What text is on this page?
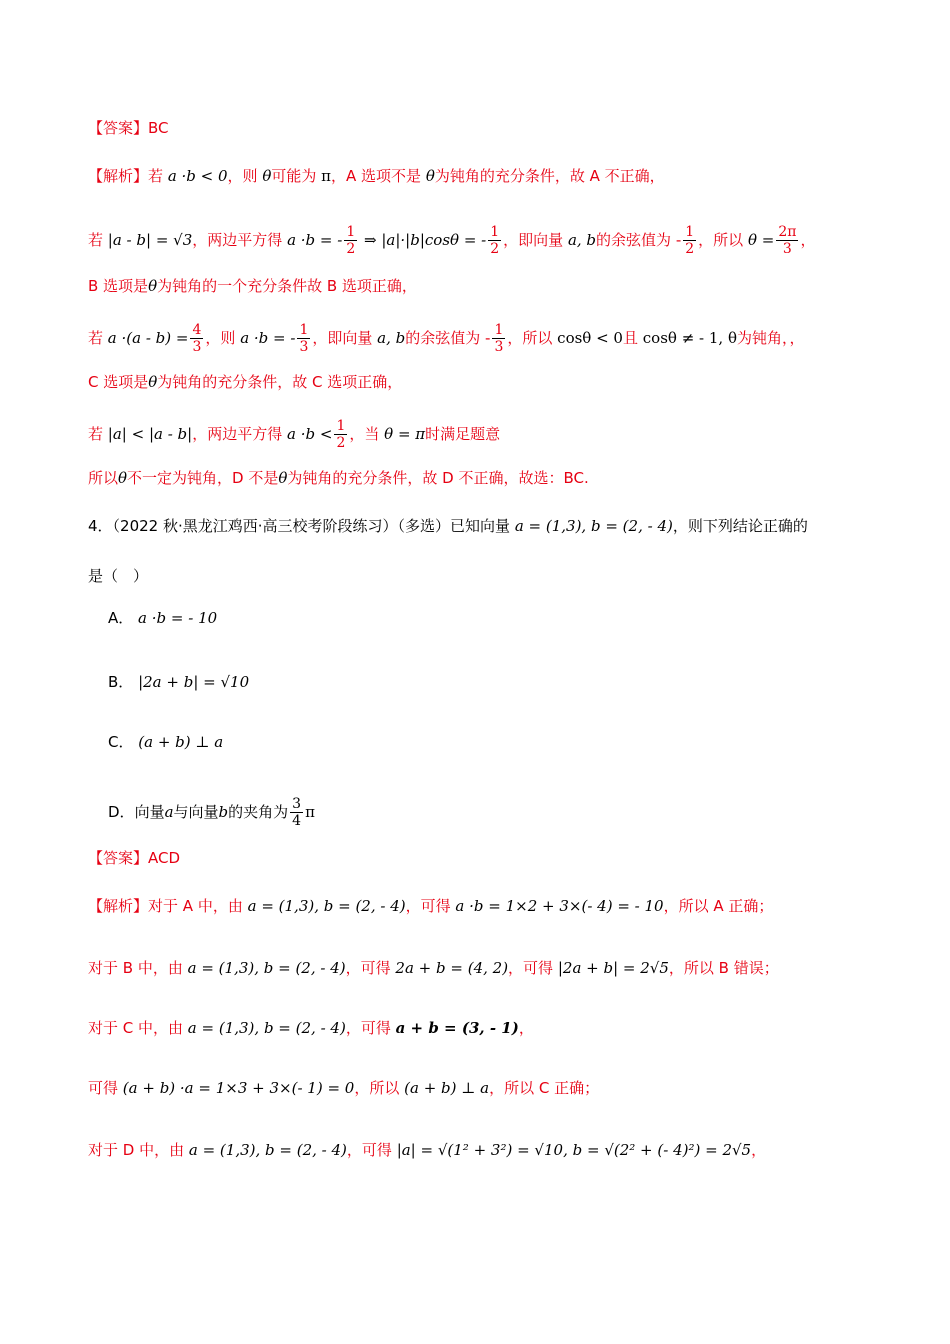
【答案】BC
【解析】若 a ·b < 0，则 θ可能为 π，A 选项不是 θ为钝角的充分条件，故 A 不正确，
若 |a - b| = √3，两边平方得 a ·b = - $\frac{1}{2}$ ⇒ |a|·|b|cosθ = - $\frac{1}{2}$ ，即向量 a, b的余弦值为 - $\frac{1}{2}$ ，所以 $\theta = \frac{2\pi}{3}$ ，
B 选项是θ为钝角的一个充分条件故 B 选项正确，
若 $a \cdot(a - b) = \frac{4}{3}$ ，则 a ·b = - $\frac{1}{3}$ ，即向量 a, b的余弦值为 - $\frac{1}{3}$ ，所以 cosθ < 0且 cosθ ≠ - 1, θ为钝角，，
C 选项是θ为钝角的充分条件，故 C 选项正确，
若 |a| < |a - b|，两边平方得 $a \cdot b < \frac{1}{2}$ ，当 θ = π时满足题意
所以θ不一定为钝角，D 不是θ为钝角的充分条件，故 D 不正确，故选：BC.
4．（2022 秋·黑龙江鸡西·高三校考阶段练习）（多选）已知向量 a = (1,3), b = (2, - 4)，则下列结论正确的
是（　）
A． a ·b = - 10
B． |2a + b| = √10
C． (a + b) ⊥ a
D．向量a与向量b的夹角为 $\frac{3}{4}$ π
【答案】ACD
【解析】对于 A 中，由 a = (1,3), b = (2, - 4)，可得 a ·b = 1×2 + 3×(- 4) = - 10，所以 A 正确；
对于 B 中，由 a = (1,3), b = (2, - 4)，可得 2a + b = (4, 2)，可得 |2a + b| = 2√5，所以 B 错误；
对于 C 中，由 a = (1,3), b = (2, - 4)，可得 a + b = (3, - 1)，
可得 (a + b) ·a = 1×3 + 3×(- 1) = 0，所以 (a + b) ⊥ a，所以 C 正确；
对于 D 中，由 a = (1,3), b = (2, - 4)，可得 |a| = √(1² + 3²) = √10, b = √(2² + (- 4)²) = 2√5，
